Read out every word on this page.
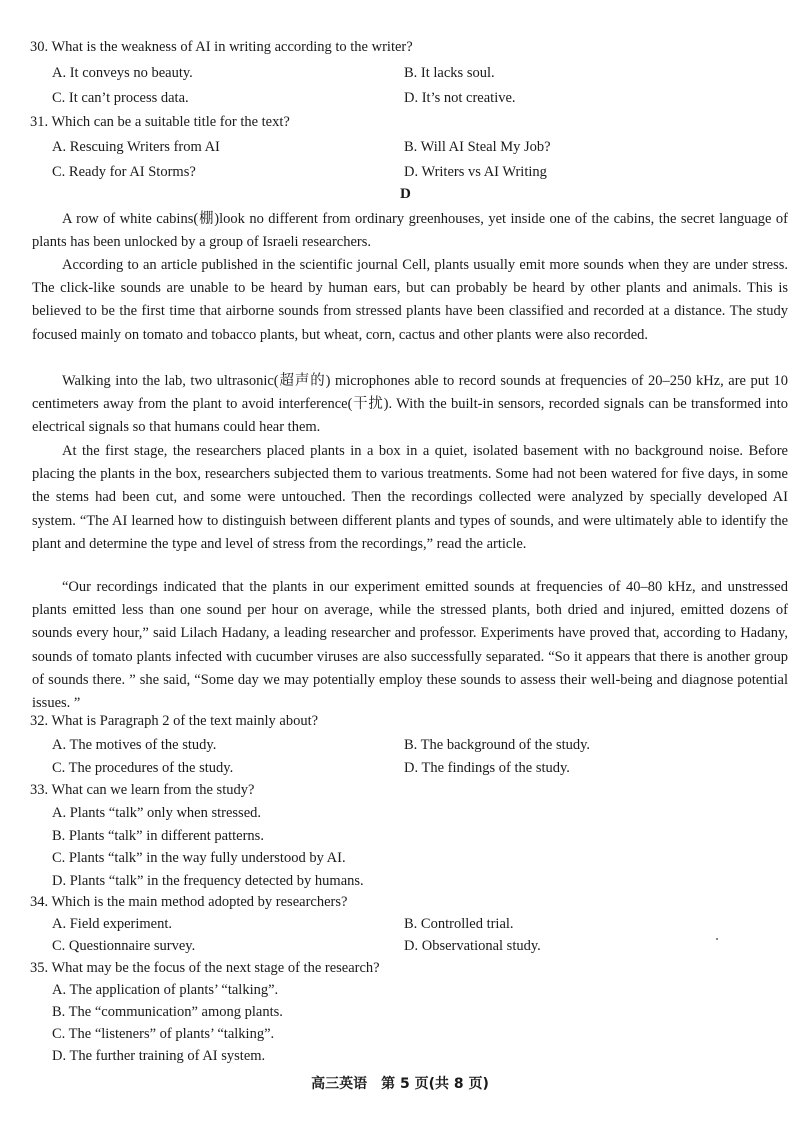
30. What is the weakness of AI in writing according to the writer?
A. It conveys no beauty.	B. It lacks soul.
C. It can’t process data.	D. It’s not creative.
31. Which can be a suitable title for the text?
A. Rescuing Writers from AI	B. Will AI Steal My Job?
C. Ready for AI Storms?	D. Writers vs AI Writing
D

A row of white cabins(棚)look no different from ordinary greenhouses, yet inside one of the cabins, the secret language of plants has been unlocked by a group of Israeli researchers.

According to an article published in the scientific journal Cell, plants usually emit more sounds when they are under stress. The click-like sounds are unable to be heard by human ears, but can probably be heard by other plants and animals. This is believed to be the first time that airborne sounds from stressed plants have been classified and recorded at a distance. The study focused mainly on tomato and tobacco plants, but wheat, corn, cactus and other plants were also recorded.

Walking into the lab, two ultrasonic(超声的) microphones able to record sounds at frequencies of 20–250 kHz, are put 10 centimeters away from the plant to avoid interference(干扰). With the built-in sensors, recorded signals can be transformed into electrical signals so that humans could hear them.

At the first stage, the researchers placed plants in a box in a quiet, isolated basement with no background noise. Before placing the plants in the box, researchers subjected them to various treatments. Some had not been watered for five days, in some the stems had been cut, and some were untouched. Then the recordings collected were analyzed by specially developed AI system. “The AI learned how to distinguish between different plants and types of sounds, and were ultimately able to identify the plant and determine the type and level of stress from the recordings,” read the article.

“Our recordings indicated that the plants in our experiment emitted sounds at frequencies of 40–80 kHz, and unstressed plants emitted less than one sound per hour on average, while the stressed plants, both dried and injured, emitted dozens of sounds every hour,” said Lilach Hadany, a leading researcher and professor. Experiments have proved that, according to Hadany, sounds of tomato plants infected with cucumber viruses are also successfully separated. “So it appears that there is another group of sounds there. ” she said, “Some day we may potentially employ these sounds to assess their well-being and diagnose potential issues. ”

32. What is Paragraph 2 of the text mainly about?
A. The motives of the study.	B. The background of the study.
C. The procedures of the study.	D. The findings of the study.
33. What can we learn from the study?
A. Plants “talk” only when stressed.
B. Plants “talk” in different patterns.
C. Plants “talk” in the way fully understood by AI.
D. Plants “talk” in the frequency detected by humans.
34. Which is the main method adopted by researchers?
A. Field experiment.	B. Controlled trial.
C. Questionnaire survey.	D. Observational study.
35. What may be the focus of the next stage of the research?
A. The application of plants’ “talking”.
B. The “communication” among plants.
C. The “listeners” of plants’ “talking”.
D. The further training of AI system.
高三英语　第 5 页(共 8 页)
